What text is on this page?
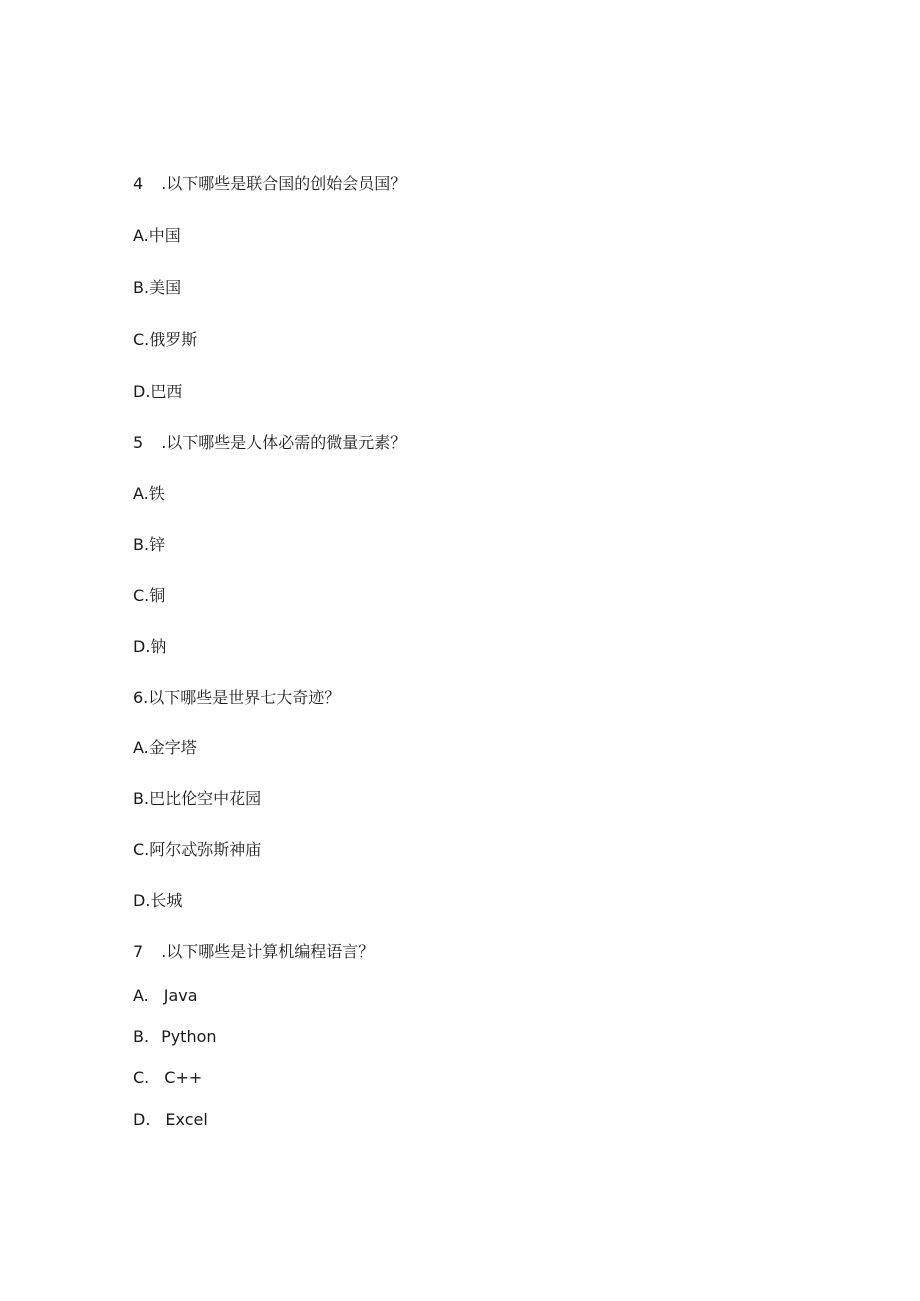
4 .以下哪些是联合国的创始会员国？
A.中国
B.美国
C.俄罗斯
D.巴西
5 .以下哪些是人体必需的微量元素？
A.铁
B.锌
C.铜
D.钠
6.以下哪些是世界七大奇迹？
A.金字塔
B.巴比伦空中花园
C.阿尔忒弥斯神庙
D.长城
7 .以下哪些是计算机编程语言？
A. Java
B. Python
C. C++
D. Excel
